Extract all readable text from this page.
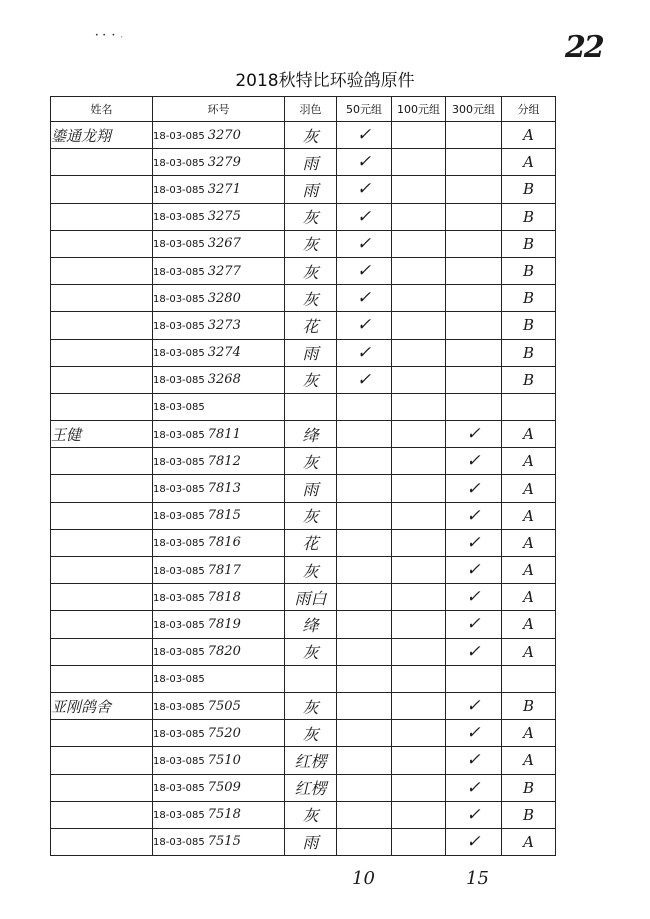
22
•  •   •   ,
2018秋特比环验鸽原件
姓名	环号	羽色	50元组	100元组	300元组	分组
鎏通龙翔	18-03-085 3270	灰	✓			A
	18-03-085 3279	雨	✓			A
	18-03-085 3271	雨	✓			B
	18-03-085 3275	灰	✓			B
	18-03-085 3267	灰	✓			B
	18-03-085 3277	灰	✓			B
	18-03-085 3280	灰	✓			B
	18-03-085 3273	花	✓			B
	18-03-085 3274	雨	✓			B
	18-03-085 3268	灰	✓			B
	18-03-085					
王健	18-03-085 7811	绛			✓	A
	18-03-085 7812	灰			✓	A
	18-03-085 7813	雨			✓	A
	18-03-085 7815	灰			✓	A
	18-03-085 7816	花			✓	A
	18-03-085 7817	灰			✓	A
	18-03-085 7818	雨白			✓	A
	18-03-085 7819	绛			✓	A
	18-03-085 7820	灰			✓	A
	18-03-085					
亚刚鸽舍	18-03-085 7505	灰			✓	B
	18-03-085 7520	灰			✓	A
	18-03-085 7510	红楞			✓	A
	18-03-085 7509	红楞			✓	B
	18-03-085 7518	灰			✓	B
	18-03-085 7515	雨			✓	A
10	15
